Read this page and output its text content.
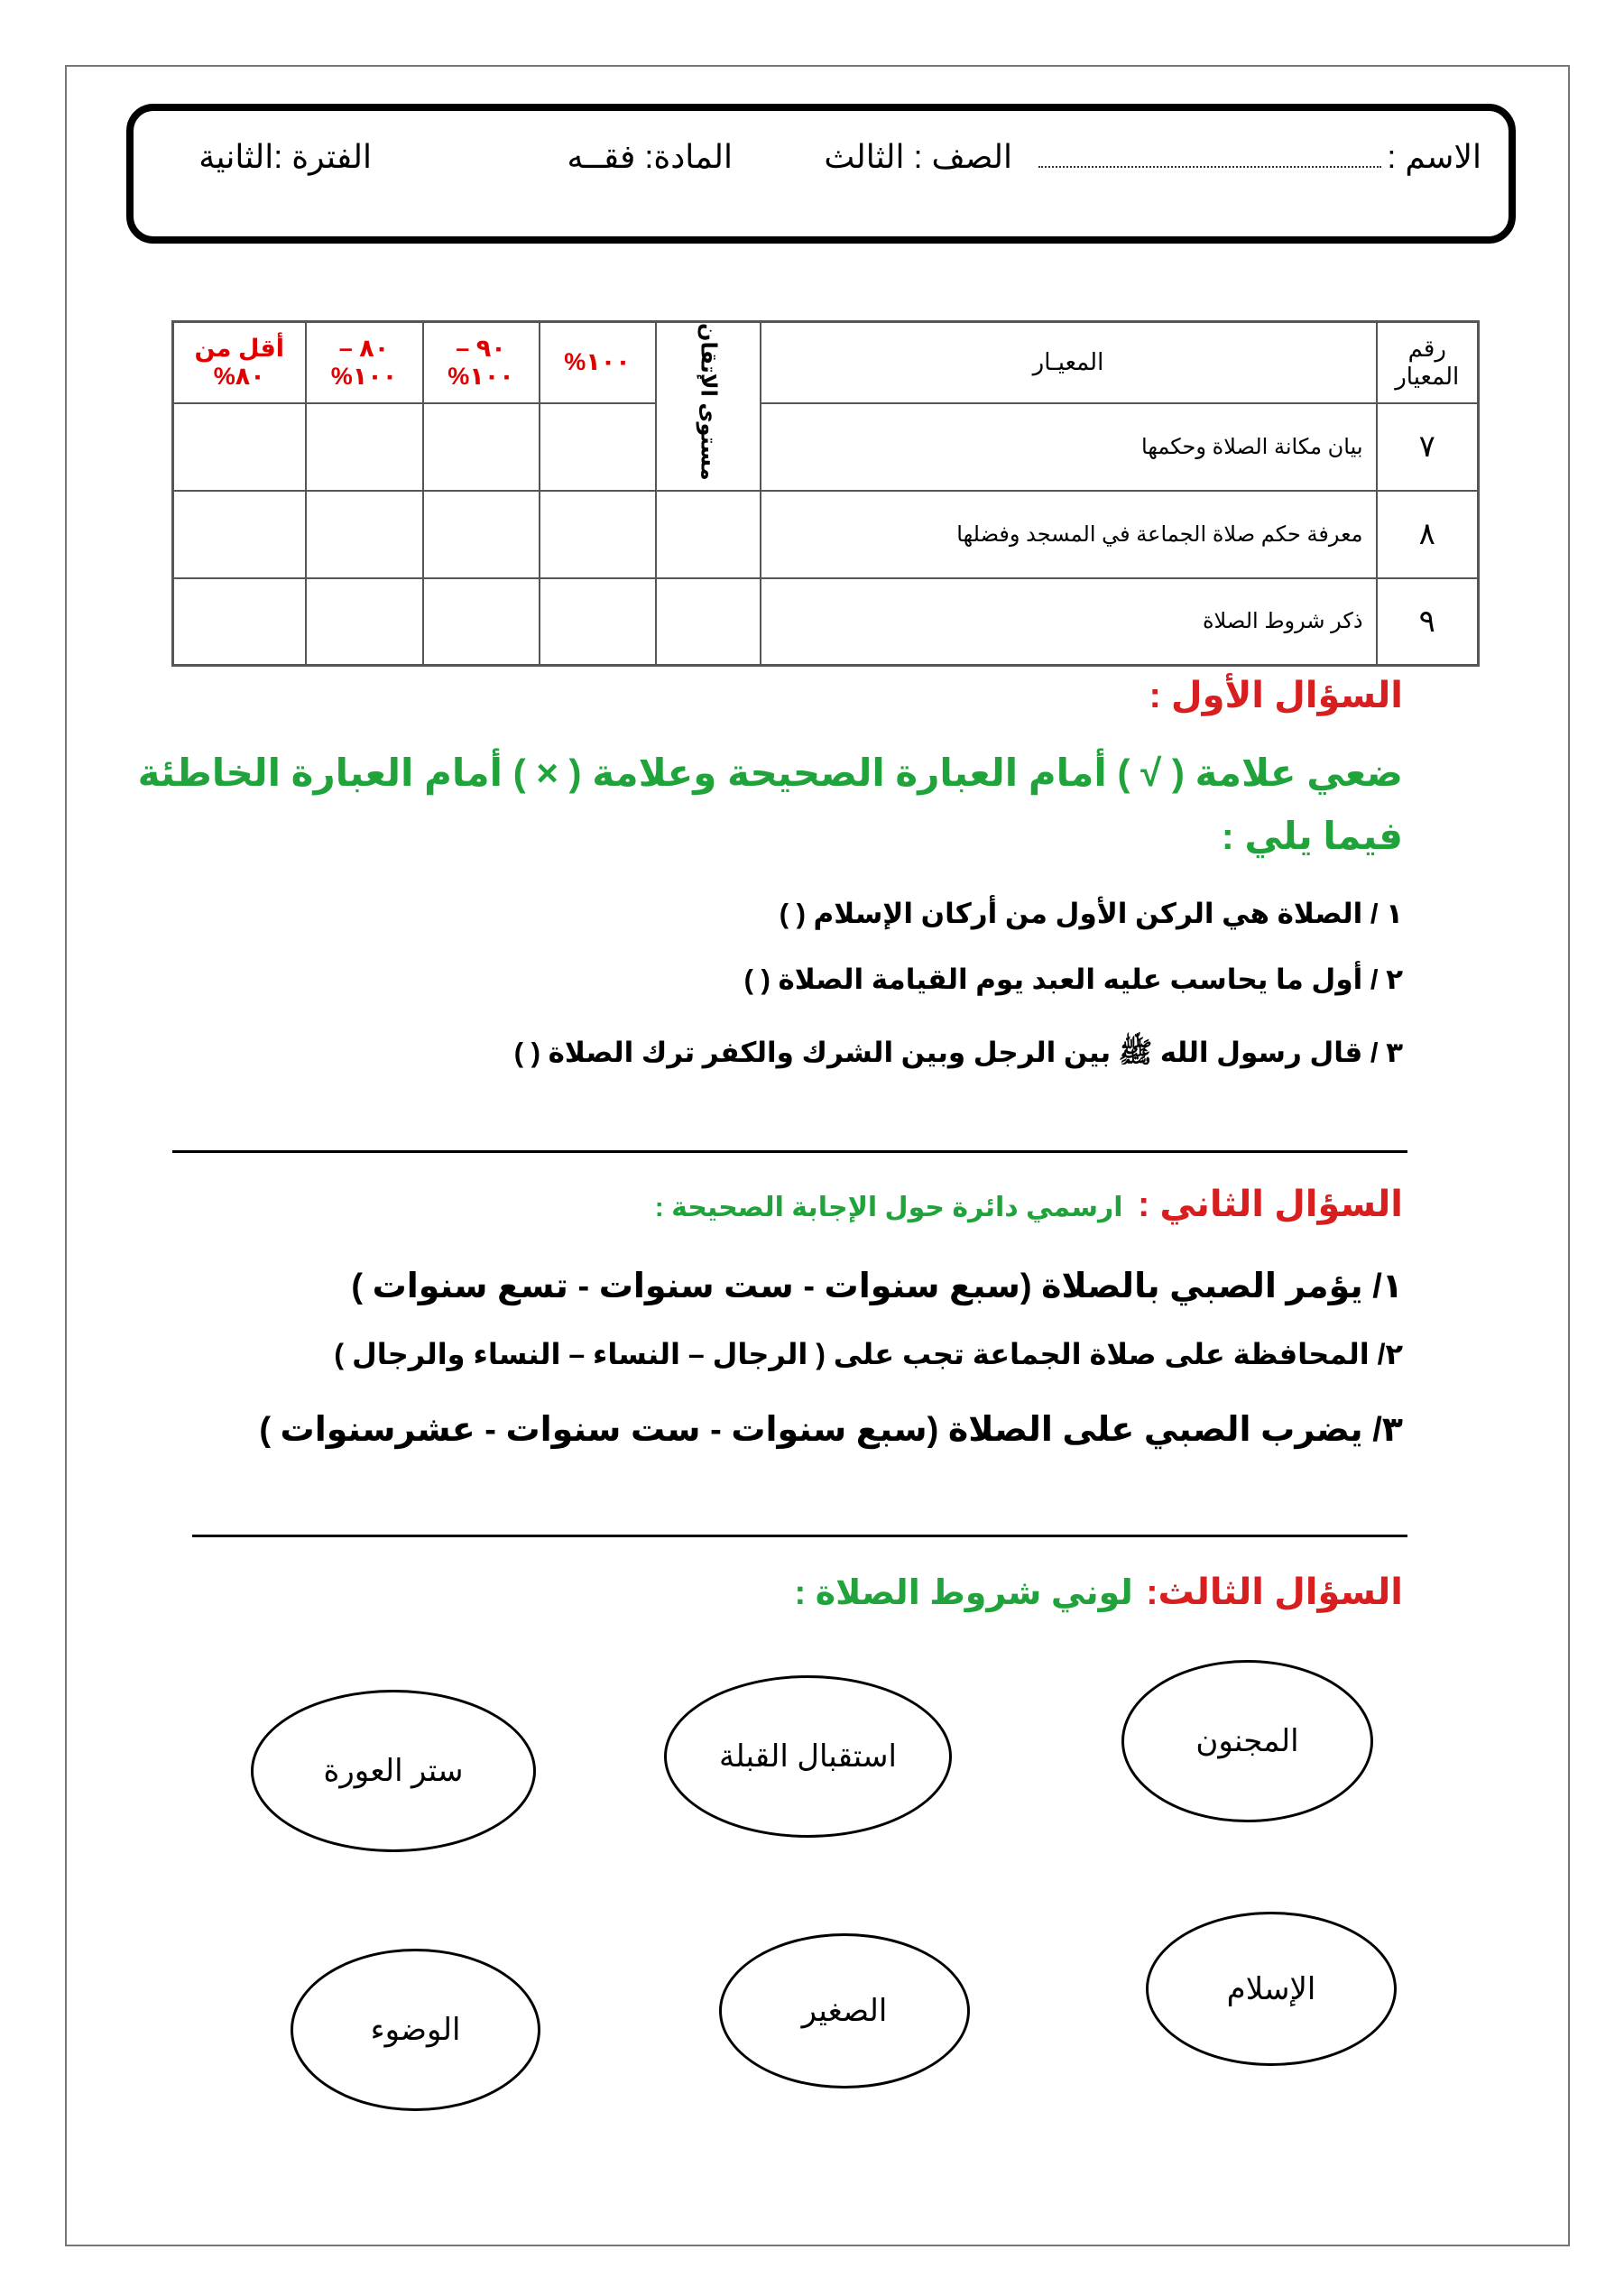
الاسم :
الصف : الثالث
المادة: فقــه
الفترة :الثانية
رقم المعيار	المعيـار	مستوى الإتقان	١٠٠%	٩٠ – ١٠٠%	٨٠ – ١٠٠%	أقل من ٨٠%
٧	بيان مكانة الصلاة وحكمها					
٨	معرفة حكم صلاة الجماعة في المسجد وفضلها					
٩	ذكر شروط الصلاة					
السؤال الأول :
ضعي علامة ( √ ) أمام العبارة الصحيحة وعلامة ( × ) أمام العبارة الخاطئة
فيما يلي :
١ / الصلاة هي الركن الأول من أركان الإسلام ( )
٢ / أول ما يحاسب عليه العبد يوم القيامة الصلاة ( )
٣ / قال رسول الله ﷺ بين الرجل وبين الشرك والكفر ترك الصلاة ( )
السؤال الثاني : ارسمي دائرة حول الإجابة الصحيحة :
١/ يؤمر الصبي بالصلاة (سبع سنوات - ست سنوات - تسع سنوات )
٢/ المحافظة على صلاة الجماعة تجب على ( الرجال – النساء – النساء والرجال )
٣/ يضرب الصبي على الصلاة (سبع سنوات - ست سنوات - عشرسنوات )
السؤال الثالث: لوني شروط الصلاة :
المجنون
استقبال القبلة
ستر العورة
الإسلام
الصغير
الوضوء
